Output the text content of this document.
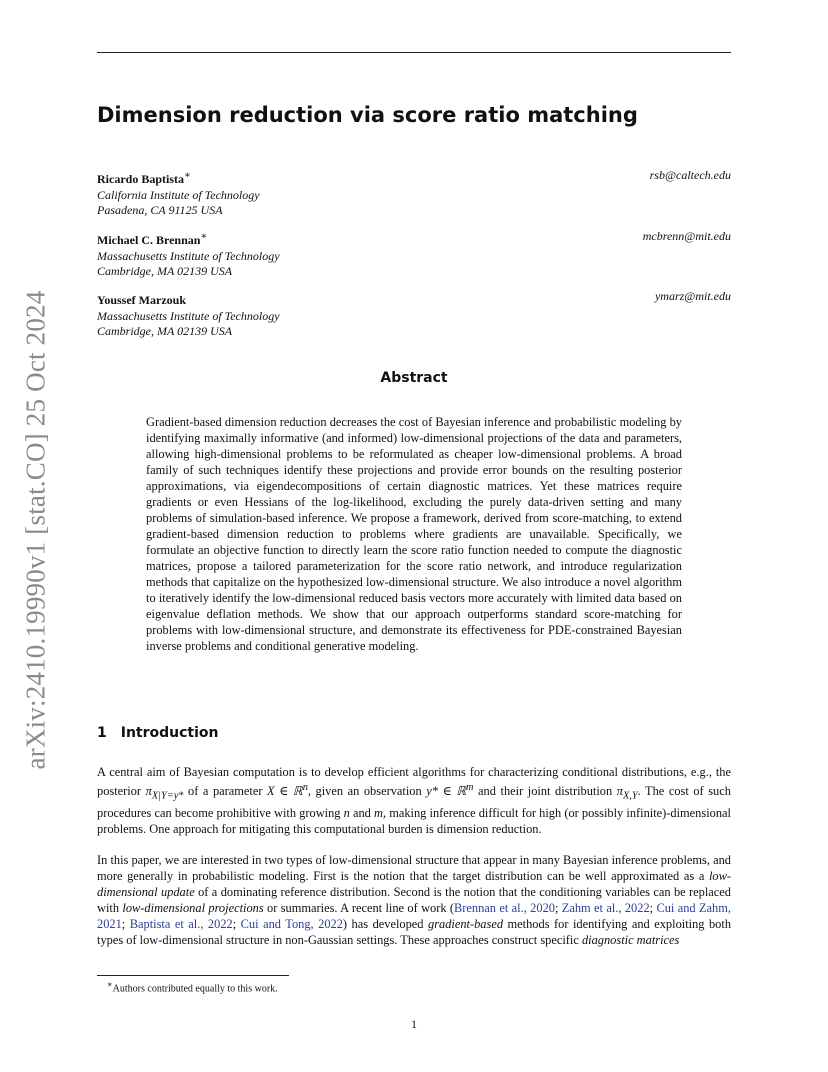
arXiv:2410.19990v1 [stat.CO] 25 Oct 2024
Dimension reduction via score ratio matching
Ricardo Baptista∗
California Institute of Technology
Pasadena, CA 91125 USA
rsb@caltech.edu
Michael C. Brennan∗
Massachusetts Institute of Technology
Cambridge, MA 02139 USA
mcbrenn@mit.edu
Youssef Marzouk
Massachusetts Institute of Technology
Cambridge, MA 02139 USA
ymarz@mit.edu
Abstract

Gradient-based dimension reduction decreases the cost of Bayesian inference and probabilistic modeling by identifying maximally informative (and informed) low-dimensional projections of the data and parameters, allowing high-dimensional problems to be reformulated as cheaper low-dimensional problems. A broad family of such techniques identify these projections and provide error bounds on the resulting posterior approximations, via eigendecompositions of certain diagnostic matrices. Yet these matrices require gradients or even Hessians of the log-likelihood, excluding the purely data-driven setting and many problems of simulation-based inference. We propose a framework, derived from score-matching, to extend gradient-based dimension reduction to problems where gradients are unavailable. Specifically, we formulate an objective function to directly learn the score ratio function needed to compute the diagnostic matrices, propose a tailored parameterization for the score ratio network, and introduce regularization methods that capitalize on the hypothesized low-dimensional structure. We also introduce a novel algorithm to iteratively identify the low-dimensional reduced basis vectors more accurately with limited data based on eigenvalue deflation methods. We show that our approach outperforms standard score-matching for problems with low-dimensional structure, and demonstrate its effectiveness for PDE-constrained Bayesian inverse problems and conditional generative modeling.

1 Introduction

A central aim of Bayesian computation is to develop efficient algorithms for characterizing conditional distributions, e.g., the posterior $\pi_{X|Y=y*}$ of a parameter X ∈ ℝ$^n$, given an observation y* ∈ ℝ$^m$ and their joint distribution $\pi_{X,Y}$. The cost of such procedures can become prohibitive with growing n and m, making inference difficult for high (or possibly infinite)-dimensional problems. One approach for mitigating this computational burden is dimension reduction.

In this paper, we are interested in two types of low-dimensional structure that appear in many Bayesian inference problems, and more generally in probabilistic modeling. First is the notion that the target distribution can be well approximated as a low-dimensional update of a dominating reference distribution. Second is the notion that the conditioning variables can be replaced with low-dimensional projections or summaries. A recent line of work (Brennan et al., 2020; Zahm et al., 2022; Cui and Zahm, 2021; Baptista et al., 2022; Cui and Tong, 2022) has developed gradient-based methods for identifying and exploiting both types of low-dimensional structure in non-Gaussian settings. These approaches construct specific diagnostic matrices

∗Authors contributed equally to this work.
1
